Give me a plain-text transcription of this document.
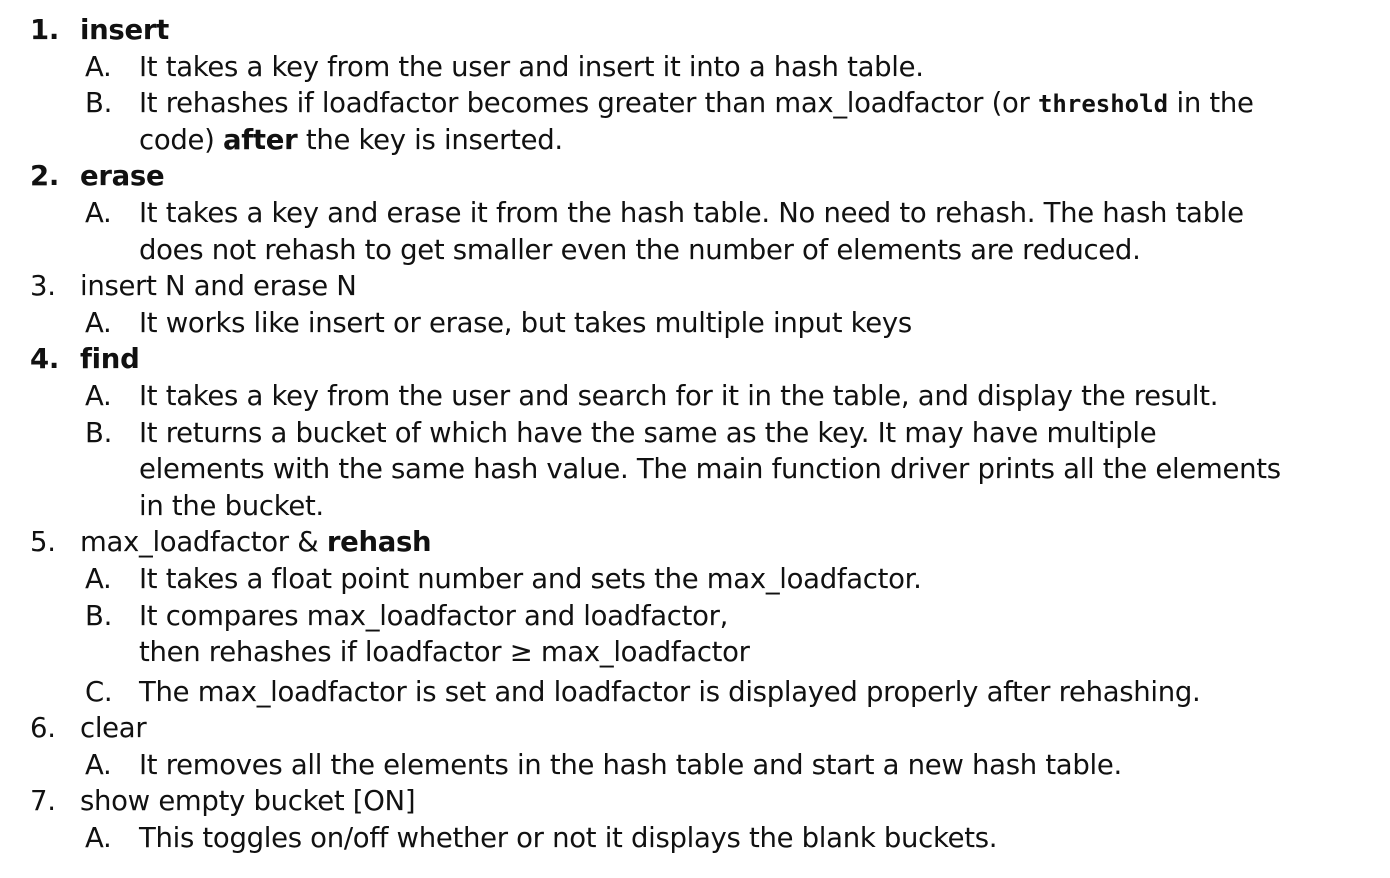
1. insert
A. It takes a key from the user and insert it into a hash table.
B. It rehashes if loadfactor becomes greater than max_loadfactor (or threshold in the
code) after the key is inserted.
2. erase
A. It takes a key and erase it from the hash table. No need to rehash. The hash table
does not rehash to get smaller even the number of elements are reduced.
3. insert N and erase N
A. It works like insert or erase, but takes multiple input keys
4. find
A. It takes a key from the user and search for it in the table, and display the result.
B. It returns a bucket of which have the same as the key. It may have multiple
elements with the same hash value. The main function driver prints all the elements
in the bucket.
5. max_loadfactor & rehash
A. It takes a float point number and sets the max_loadfactor.
B. It compares max_loadfactor and loadfactor,
then rehashes if loadfactor ≥ max_loadfactor
C. The max_loadfactor is set and loadfactor is displayed properly after rehashing.
6. clear
A. It removes all the elements in the hash table and start a new hash table.
7. show empty bucket [ON]
A. This toggles on/off whether or not it displays the blank buckets.
